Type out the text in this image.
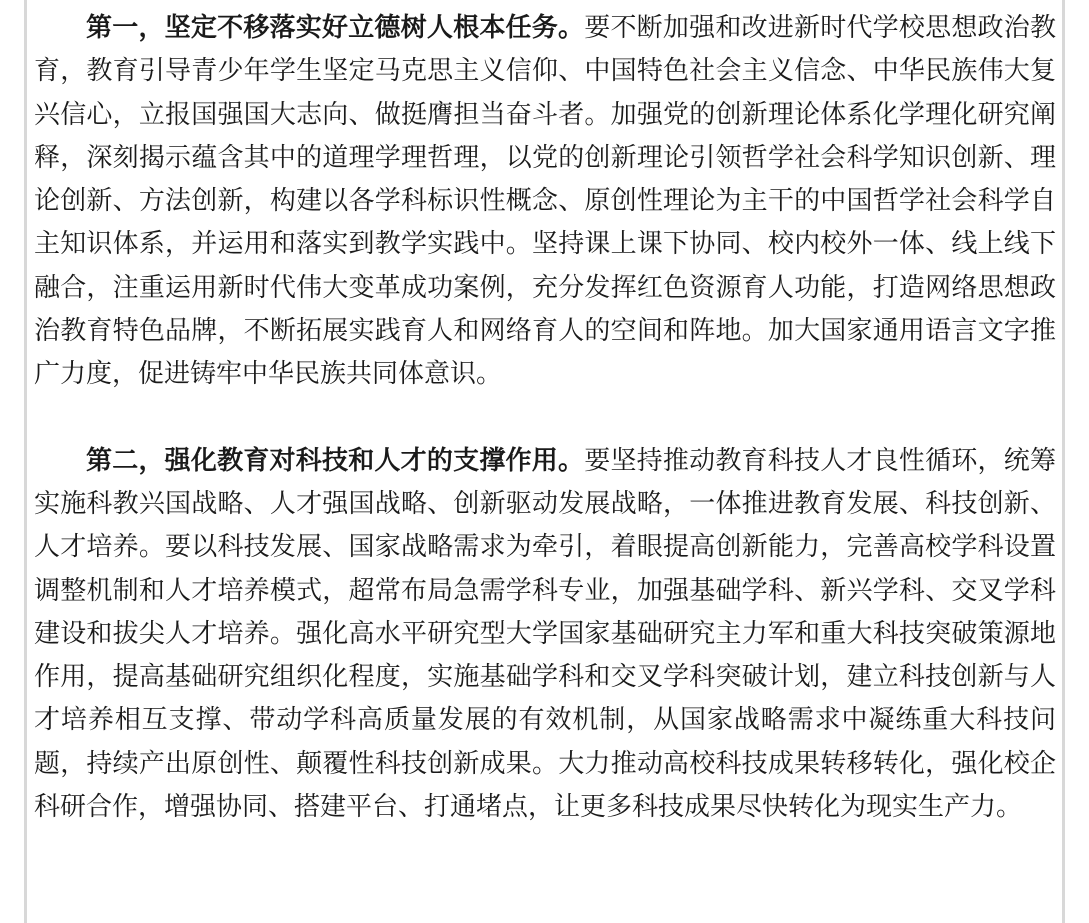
第一，坚定不移落实好立德树人根本任务。要不断加强和改进新时代学校思想政治教育，教育引导青少年学生坚定马克思主义信仰、中国特色社会主义信念、中华民族伟大复兴信心，立报国强国大志向、做挺膺担当奋斗者。加强党的创新理论体系化学理化研究阐释，深刻揭示蕴含其中的道理学理哲理，以党的创新理论引领哲学社会科学知识创新、理论创新、方法创新，构建以各学科标识性概念、原创性理论为主干的中国哲学社会科学自主知识体系，并运用和落实到教学实践中。坚持课上课下协同、校内校外一体、线上线下融合，注重运用新时代伟大变革成功案例，充分发挥红色资源育人功能，打造网络思想政治教育特色品牌，不断拓展实践育人和网络育人的空间和阵地。加大国家通用语言文字推广力度，促进铸牢中华民族共同体意识。

第二，强化教育对科技和人才的支撑作用。要坚持推动教育科技人才良性循环，统筹实施科教兴国战略、人才强国战略、创新驱动发展战略，一体推进教育发展、科技创新、人才培养。要以科技发展、国家战略需求为牵引，着眼提高创新能力，完善高校学科设置调整机制和人才培养模式，超常布局急需学科专业，加强基础学科、新兴学科、交叉学科建设和拔尖人才培养。强化高水平研究型大学国家基础研究主力军和重大科技突破策源地作用，提高基础研究组织化程度，实施基础学科和交叉学科突破计划，建立科技创新与人才培养相互支撑、带动学科高质量发展的有效机制，从国家战略需求中凝练重大科技问题，持续产出原创性、颠覆性科技创新成果。大力推动高校科技成果转移转化，强化校企科研合作，增强协同、搭建平台、打通堵点，让更多科技成果尽快转化为现实生产力。
